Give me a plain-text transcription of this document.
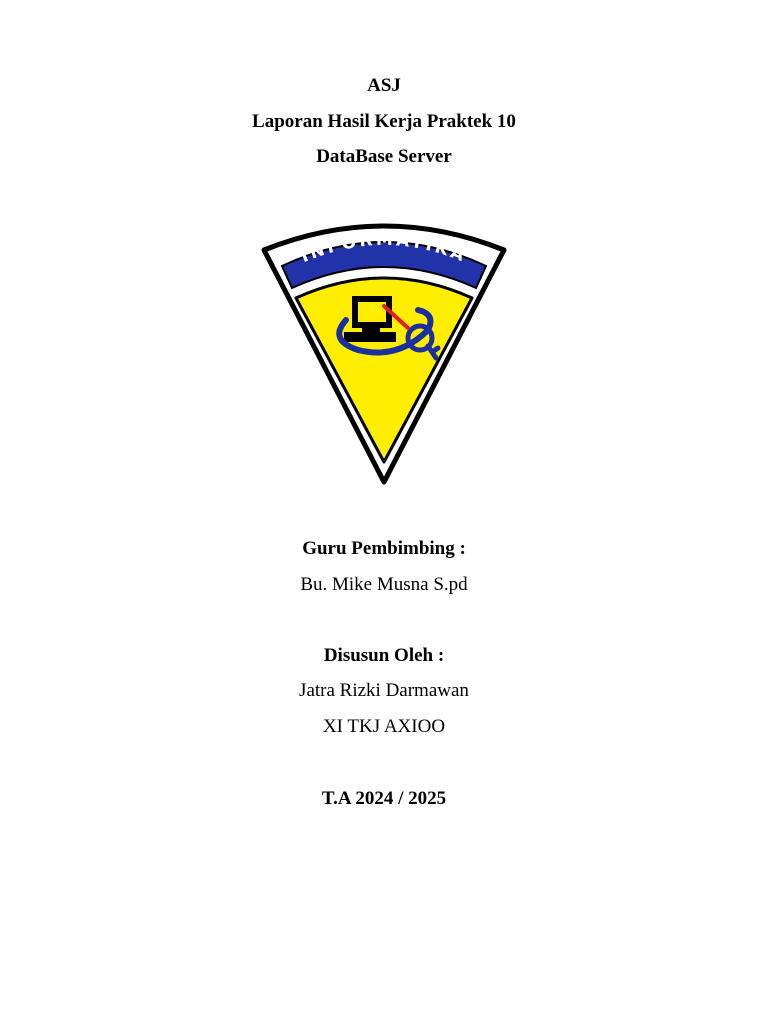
ASJ
Laporan Hasil Kerja Praktek 10
DataBase Server
INFORMATIKA
Guru Pembimbing :
Bu. Mike Musna S.pd
Disusun Oleh :
Jatra Rizki Darmawan
XI TKJ AXIOO
T.A 2024 / 2025
